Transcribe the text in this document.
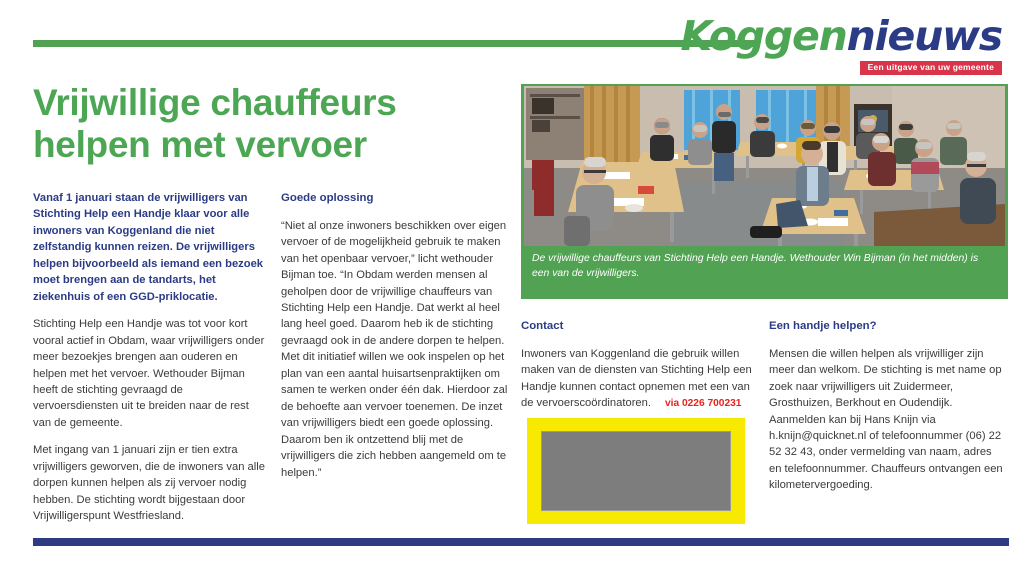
Koggennieuws
Een uitgave van uw gemeente
Vrijwillige chauffeurs helpen met vervoer

Vanaf 1 januari staan de vrijwilligers van Stichting Help een Handje klaar voor alle inwoners van Koggenland die niet zelfstandig kunnen reizen. De vrijwilligers helpen bijvoorbeeld als iemand een bezoek moet brengen aan de tandarts, het ziekenhuis of een GGD-priklocatie.

Stichting Help een Handje was tot voor kort vooral actief in Obdam, waar vrijwilligers onder meer bezoekjes brengen aan ouderen en helpen met het vervoer. Wethouder Bijman heeft de stichting gevraagd de vervoersdiensten uit te breiden naar de rest van de gemeente.

Met ingang van 1 januari zijn er tien extra vrijwilligers geworven, die de inwoners van alle dorpen kunnen helpen als zij vervoer nodig hebben. De stichting wordt bijgestaan door Vrijwilligerspunt Westfriesland.

Goede oplossing

“Niet al onze inwoners beschikken over eigen vervoer of de mogelijkheid gebruik te maken van het openbaar vervoer,” licht wethouder Bijman toe. “In Obdam werden mensen al geholpen door de vrijwillige chauffeurs van Stichting Help een Handje. Dat werkt al heel lang heel goed. Daarom heb ik de stichting gevraagd ook in de andere dorpen te helpen. Met dit initiatief willen we ook inspelen op het plan van een aantal huisartsenpraktijken om samen te werken onder één dak. Hierdoor zal de behoefte aan vervoer toenemen. De inzet van vrijwilligers biedt een goede oplossing. Daarom ben ik ontzettend blij met de vrijwilligers die zich hebben aangemeld om te helpen.”

De vrijwillige chauffeurs van Stichting Help een Handje. Wethouder Win Bijman (in het midden) is een van de vrijwilligers.

Contact

Inwoners van Koggenland die gebruik willen maken van de diensten van Stichting Help een Handje kunnen contact opnemen met een van de vervoerscoördinatoren. via 0226 700231

Een handje helpen?

Mensen die willen helpen als vrijwilliger zijn meer dan welkom. De stichting is met name op zoek naar vrijwilligers uit Zuidermeer, Grosthuizen, Berkhout en Oudendijk. Aanmelden kan bij Hans Knijn via h.knijn@quicknet.nl of telefoonnummer (06) 22 52 32 43, onder vermelding van naam, adres en telefoonnummer. Chauffeurs ontvangen een kilometervergoeding.
